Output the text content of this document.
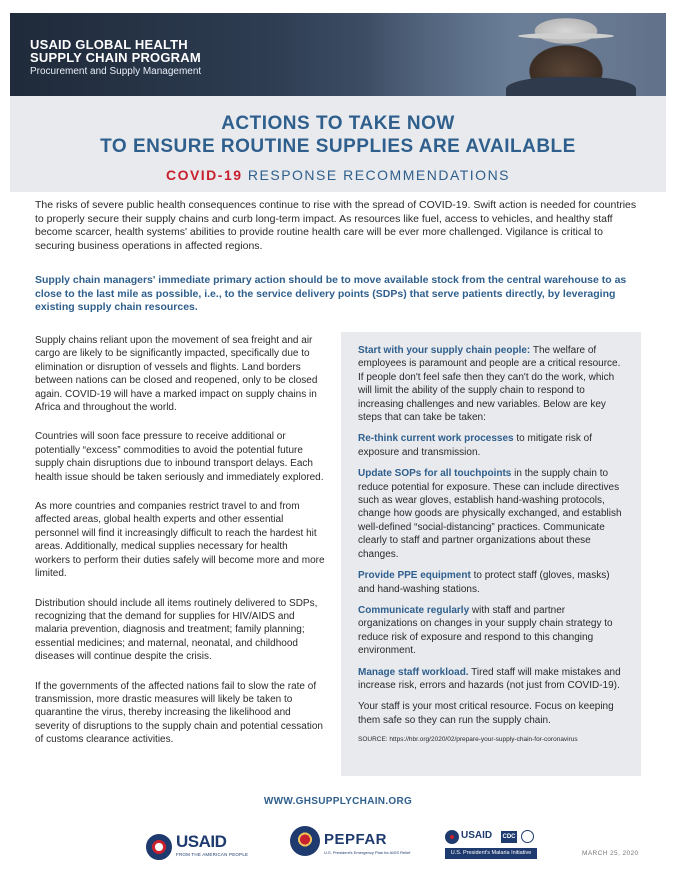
USAID GLOBAL HEALTH
SUPPLY CHAIN PROGRAM
Procurement and Supply Management
ACTIONS TO TAKE NOW
TO ENSURE ROUTINE SUPPLIES ARE AVAILABLE
COVID-19 RESPONSE RECOMMENDATIONS
The risks of severe public health consequences continue to rise with the spread of COVID-19. Swift action is needed for countries to properly secure their supply chains and curb long-term impact. As resources like fuel, access to vehicles, and healthy staff become scarcer, health systems' abilities to provide routine health care will be ever more challenged. Vigilance is critical to securing business operations in affected regions.
Supply chain managers' immediate primary action should be to move available stock from the central warehouse to as close to the last mile as possible, i.e., to the service delivery points (SDPs) that serve patients directly, by leveraging existing supply chain resources.

Supply chains reliant upon the movement of sea freight and air cargo are likely to be significantly impacted, specifically due to elimination or disruption of vessels and flights. Land borders between nations can be closed and reopened, only to be closed again. COVID-19 will have a marked impact on supply chains in Africa and throughout the world.

Countries will soon face pressure to receive additional or potentially “excess” commodities to avoid the potential future supply chain disruptions due to inbound transport delays. Each health issue should be taken seriously and immediately explored.

As more countries and companies restrict travel to and from affected areas, global health experts and other essential personnel will find it increasingly difficult to reach the hardest hit areas. Additionally, medical supplies necessary for health workers to perform their duties safely will become more and more limited.

Distribution should include all items routinely delivered to SDPs, recognizing that the demand for supplies for HIV/AIDS and malaria prevention, diagnosis and treatment; family planning; essential medicines; and maternal, neonatal, and childhood diseases will continue despite the crisis.

If the governments of the affected nations fail to slow the rate of transmission, more drastic measures will likely be taken to quarantine the virus, thereby increasing the likelihood and severity of disruptions to the supply chain and potential cessation of customs clearance activities.

Start with your supply chain people: The welfare of employees is paramount and people are a critical resource. If people don't feel safe then they can't do the work, which will limit the ability of the supply chain to respond to increasing challenges and new variables. Below are key steps that can take be taken:

Re-think current work processes to mitigate risk of exposure and transmission.

Update SOPs for all touchpoints in the supply chain to reduce potential for exposure. These can include directives such as wear gloves, establish hand-washing protocols, change how goods are physically exchanged, and establish well-defined “social-distancing” practices. Communicate clearly to staff and partner organizations about these changes.

Provide PPE equipment to protect staff (gloves, masks) and hand-washing stations.

Communicate regularly with staff and partner organizations on changes in your supply chain strategy to reduce risk of exposure and respond to this changing environment.

Manage staff workload. Tired staff will make mistakes and increase risk, errors and hazards (not just from COVID-19).

Your staff is your most critical resource. Focus on keeping them safe so they can run the supply chain.

SOURCE: https://hbr.org/2020/02/prepare-your-supply-chain-for-coronavirus
WWW.GHSUPPLYCHAIN.ORG
USAID
FROM THE AMERICAN PEOPLE
PEPFAR
U.S. President's Emergency Plan for AIDS Relief
USAID CDC
U.S. President's Malaria Initiative	MARCH 25, 2020
